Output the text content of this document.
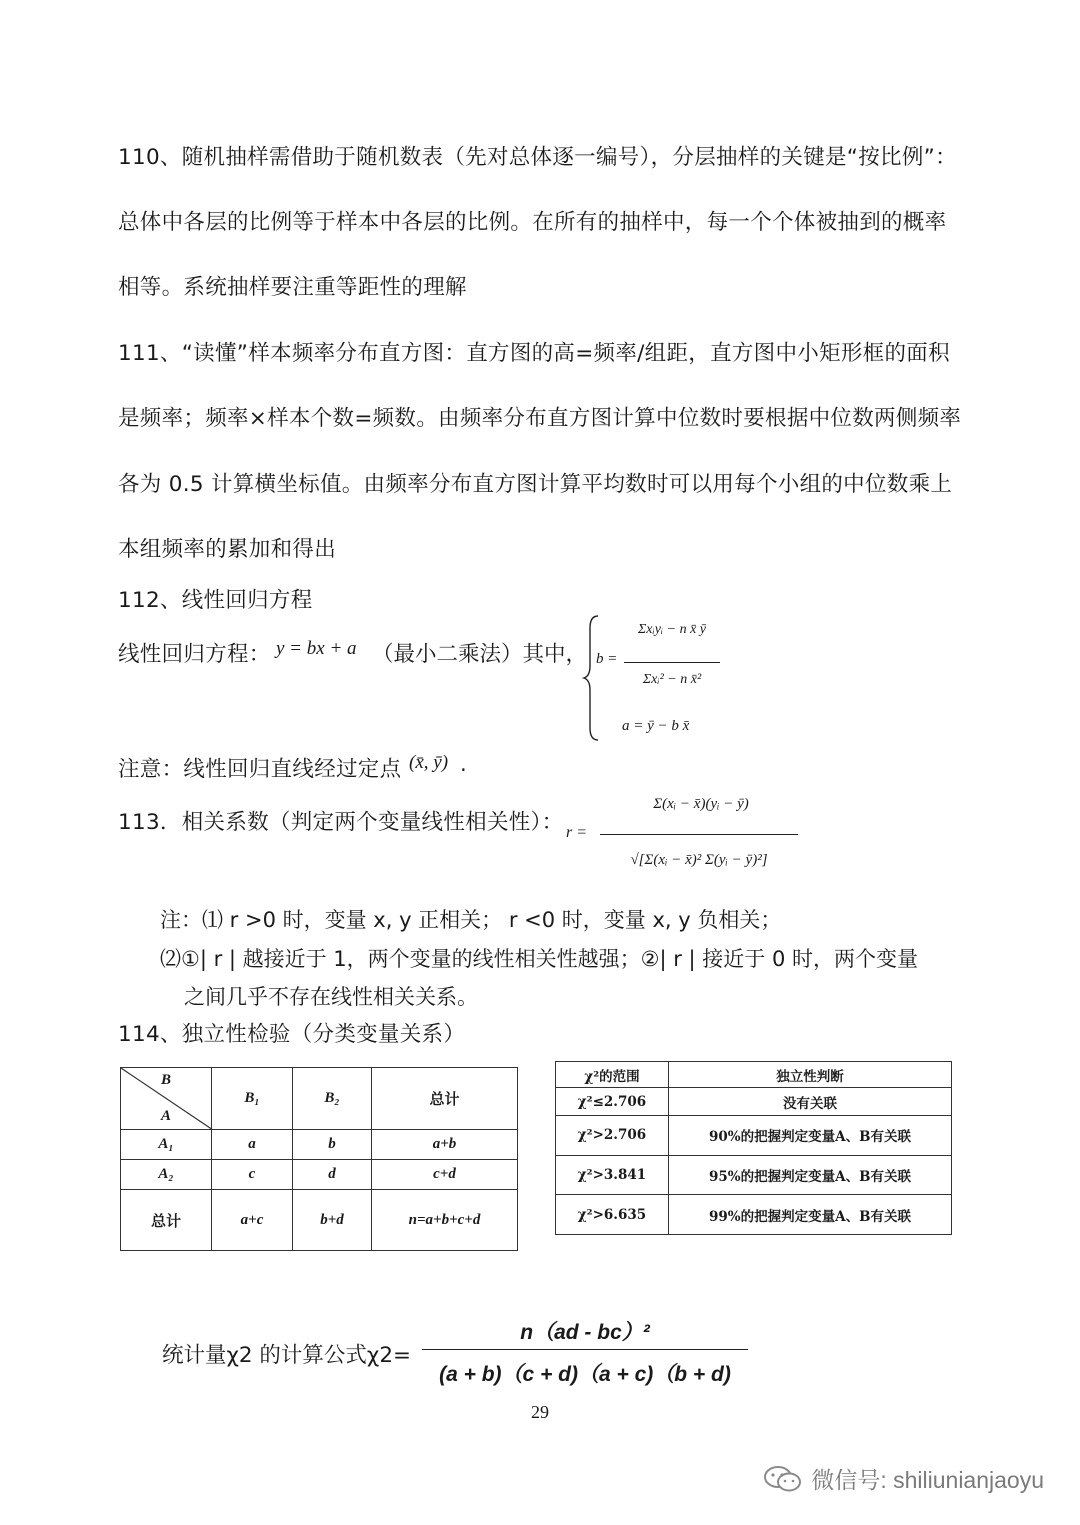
110、随机抽样需借助于随机数表（先对总体逐一编号），分层抽样的关键是“按比例”：
总体中各层的比例等于样本中各层的比例。在所有的抽样中，每一个个体被抽到的概率
相等。系统抽样要注重等距性的理解
111、“读懂”样本频率分布直方图：直方图的高=频率/组距，直方图中小矩形框的面积
是频率；频率×样本个数=频数。由频率分布直方图计算中位数时要根据中位数两侧频率
各为 0.5 计算横坐标值。由频率分布直方图计算平均数时可以用每个小组的中位数乘上
本组频率的累加和得出
112、线性回归方程
线性回归方程： y = bx + a （最小二乘法）其中， b =
Σxᵢyᵢ − n x̄ ȳ
Σxᵢ² − n x̄²
a = ȳ − b x̄
注意：线性回归直线经过定点 (x̄, ȳ) .
113．相关系数（判定两个变量线性相关性）： r =
Σ(xᵢ − x̄)(yᵢ − ȳ)
√[Σ(xᵢ − x̄)² Σ(yᵢ − ȳ)²]
注：⑴ r >0 时，变量 x, y 正相关； r <0 时，变量 x, y 负相关；
⑵①| r | 越接近于 1，两个变量的线性相关性越强；②| r | 接近于 0 时，两个变量
之间几乎不存在线性相关关系。
114、独立性检验（分类变量关系）
B
A	B₁	B₂	总计
A₁	a	b	a+b
A₂	c	d	c+d
总计	a+c	b+d	n=a+b+c+d
χ²的范围	独立性判断
χ²≤2.706	没有关联
χ²>2.706	90%的把握判定变量A、B有关联
χ²>3.841	95%的把握判定变量A、B有关联
χ²>6.635	99%的把握判定变量A、B有关联
统计量χ2 的计算公式χ2=
n（ad - bc）²
(a + b)（c + d)（a + c)（b + d)
29
微信号: shiliunianjaoyu
